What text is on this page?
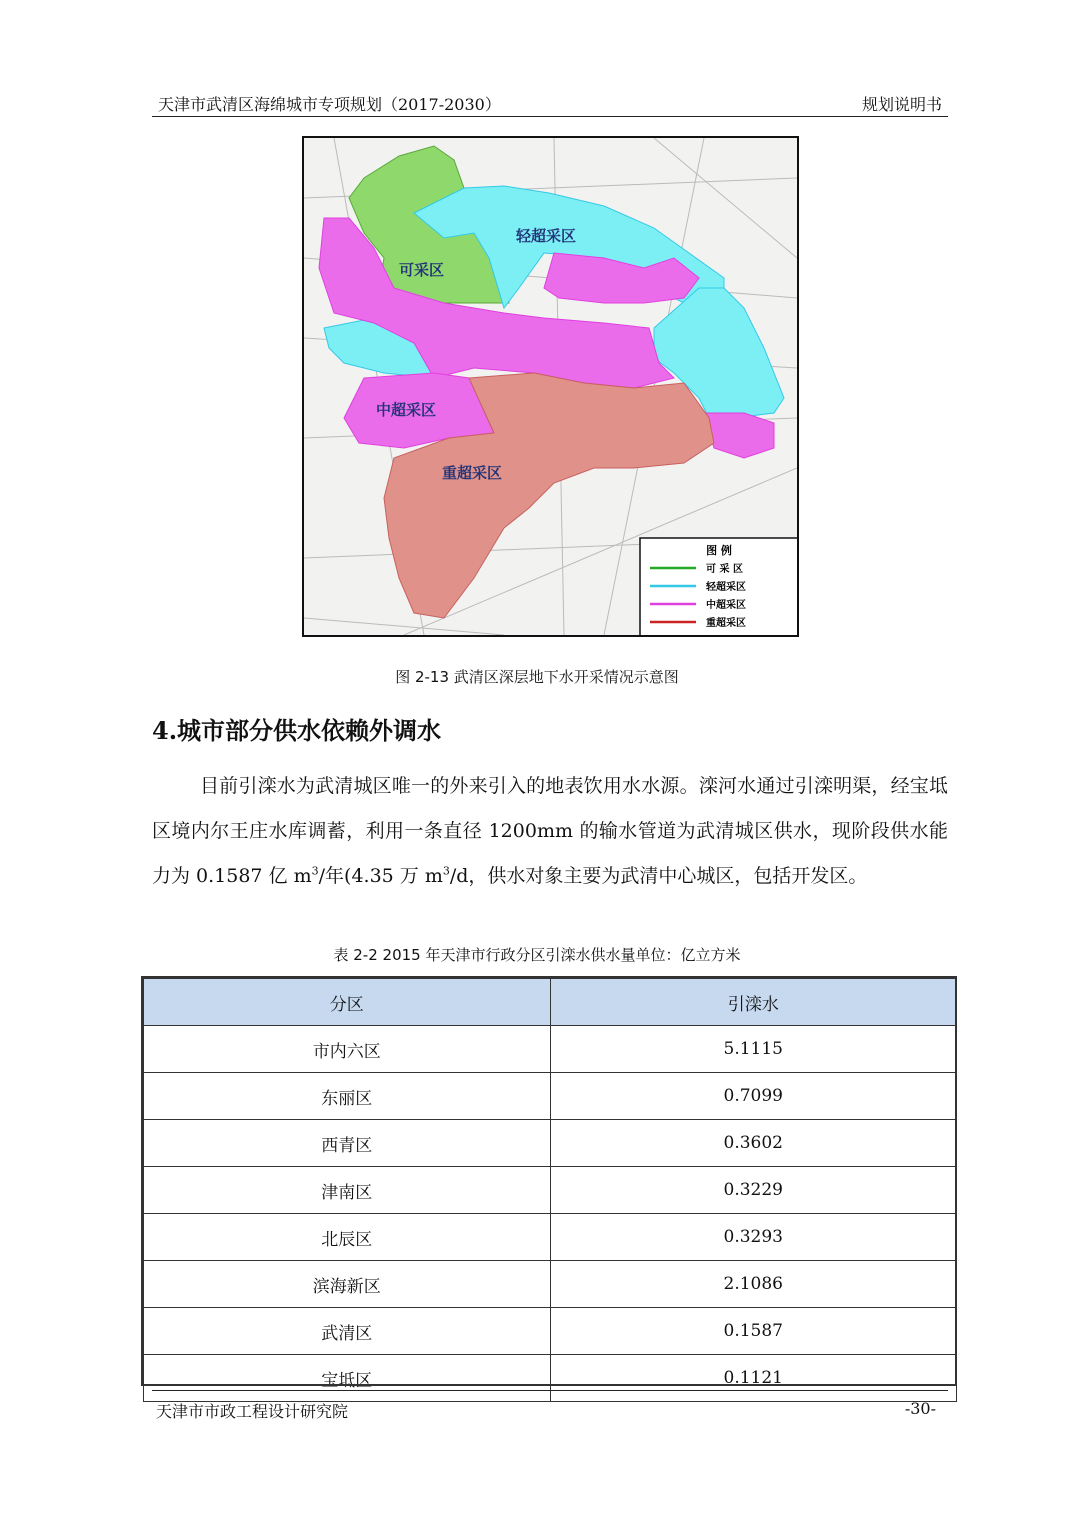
天津市武清区海绵城市专项规划（2017-2030）	规划说明书
可采区
轻超采区
中超采区
重超采区
图 例
可 采 区
轻超采区
中超采区
重超采区
图 2-13 武清区深层地下水开采情况示意图
4.城市部分供水依赖外调水

目前引滦水为武清城区唯一的外来引入的地表饮用水水源。滦河水通过引滦明渠，经宝坻区境内尔王庄水库调蓄，利用一条直径 1200mm 的输水管道为武清城区供水，现阶段供水能力为 0.1587 亿 $m^3/$年(4.35 万 $m^3/d$，供水对象主要为武清中心城区，包括开发区。

表 2-2 2015 年天津市行政分区引滦水供水量单位：亿立方米
分区	引滦水
市内六区	5.1115
东丽区	0.7099
西青区	0.3602
津南区	0.3229
北辰区	0.3293
滨海新区	2.1086
武清区	0.1587
宝坻区	0.1121
天津市市政工程设计研究院	-30-
